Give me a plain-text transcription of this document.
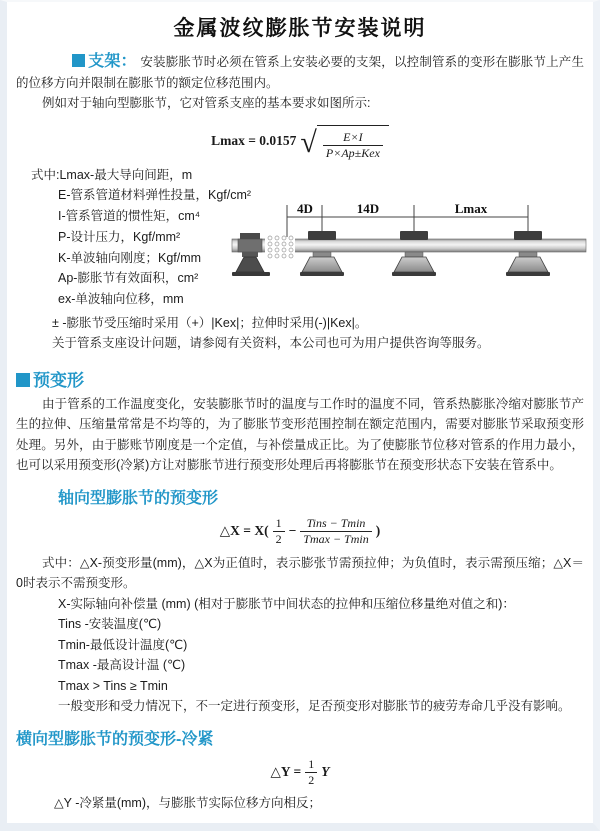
金属波纹膨胀节安装说明

支架： 安装膨胀节时必须在管系上安装必要的支架，以控制管系的变形在膨胀节上产生的位移方向并限制在膨胀节的额定位移范围内。

例如对于轴向型膨胀节，它对管系支座的基本要求如图所示:

Lmax = 0.0157 √	E×I
P×Ap±Kex
式中:Lmax-最大导向间距，m
E-管系管道材料弹性投量，Kgf/cm²
I-管系管道的惯性矩，cm⁴
P-设计压力，Kgf/mm²
K-单波轴向刚度；Kgf/mm
Ap-膨胀节有效面积，cm²
ex-单波轴向位移，mm
4D	14D	Lmax

± -膨胀节受压缩时采用（+）|Kex|；拉伸时采用(-)|Kex|。

关于管系支座设计问题，请参阅有关资料，本公司也可为用户提供咨询等服务。

预变形

由于管系的工作温度变化，安装膨胀节时的温度与工作时的温度不同，管系热膨胀冷缩对膨胀节产生的拉伸、压缩量常常是不均等的，为了膨胀节变形范围控制在额定范围内，需要对膨胀节采取预变形处理。另外，由于膨账节刚度是一个定值，与补偿量成正比。为了使膨胀节位移对管系的作用力最小，也可以采用预变形(冷紧)方让对膨胀节进行预变形处理后再将膨胀节在预变形状态下安装在管系中。

轴向型膨胀节的预变形
△X = $X( \frac{1}{2}$ −
Tins − Tmin
Tmax − Tmin
)

式中：△X-预变形量(mm)，△X为正值时，表示膨张节需预拉伸；为负值时，表示需预压缩；△X＝0时表示不需预变形。

X-实际轴向补偿量 (mm) (相对于膨胀节中间状态的拉伸和压缩位移量绝对值之和)：
Tins -安装温度(℃)
Tmin-最低设计温度(℃)
Tmax -最高设计温 (℃)
Tmax > Tins ≥ Tmin
一般变形和受力情况下，不一定进行预变形，足否预变形对膨胀节的疲劳寿命几乎没有影响。
横向型膨胀节的预变形-冷紧
△Y = $\frac{1}{2}$ Y
△Y -冷紧量(mm)，与膨胀节实际位移方向相反；
